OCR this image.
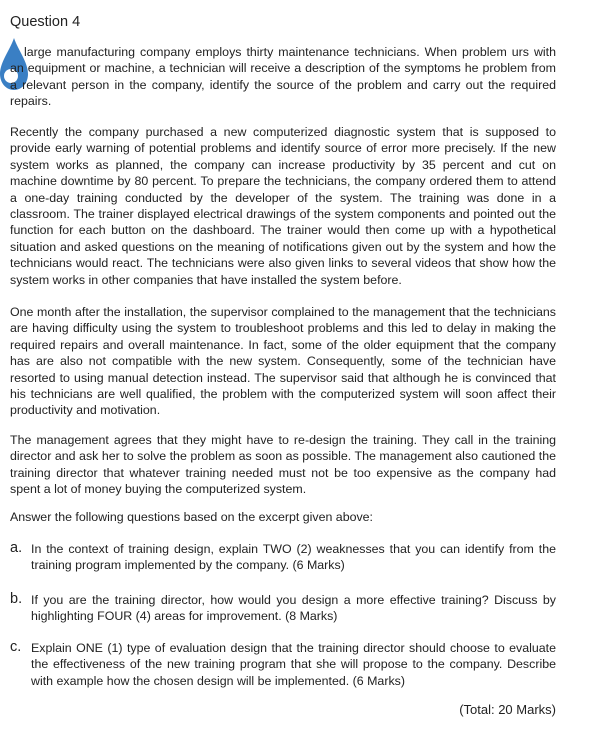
Question 4

large manufacturing company employs thirty maintenance technicians. When problem urs with an equipment or machine, a technician will receive a description of the symptoms he problem from a relevant person in the company, identify the source of the problem and carry out the required repairs.

Recently the company purchased a new computerized diagnostic system that is supposed to provide early warning of potential problems and identify source of error more precisely. If the new system works as planned, the company can increase productivity by 35 percent and cut on machine downtime by 80 percent. To prepare the technicians, the company ordered them to attend a one-day training conducted by the developer of the system. The training was done in a classroom. The trainer displayed electrical drawings of the system components and pointed out the function for each button on the dashboard. The trainer would then come up with a hypothetical situation and asked questions on the meaning of notifications given out by the system and how the technicians would react. The technicians were also given links to several videos that show how the system works in other companies that have installed the system before.

One month after the installation, the supervisor complained to the management that the technicians are having difficulty using the system to troubleshoot problems and this led to delay in making the required repairs and overall maintenance. In fact, some of the older equipment that the company has are also not compatible with the new system. Consequently, some of the technician have resorted to using manual detection instead. The supervisor said that although he is convinced that his technicians are well qualified, the problem with the computerized system will soon affect their productivity and motivation.

The management agrees that they might have to re-design the training. They call in the training director and ask her to solve the problem as soon as possible. The management also cautioned the training director that whatever training needed must not be too expensive as the company had spent a lot of money buying the computerized system.

Answer the following questions based on the excerpt given above:
a. In the context of training design, explain TWO (2) weaknesses that you can identify from the training program implemented by the company. (6 Marks)
b. If you are the training director, how would you design a more effective training? Discuss by highlighting FOUR (4) areas for improvement. (8 Marks)
c. Explain ONE (1) type of evaluation design that the training director should choose to evaluate the effectiveness of the new training program that she will propose to the company. Describe with example how the chosen design will be implemented. (6 Marks)
(Total: 20 Marks)
